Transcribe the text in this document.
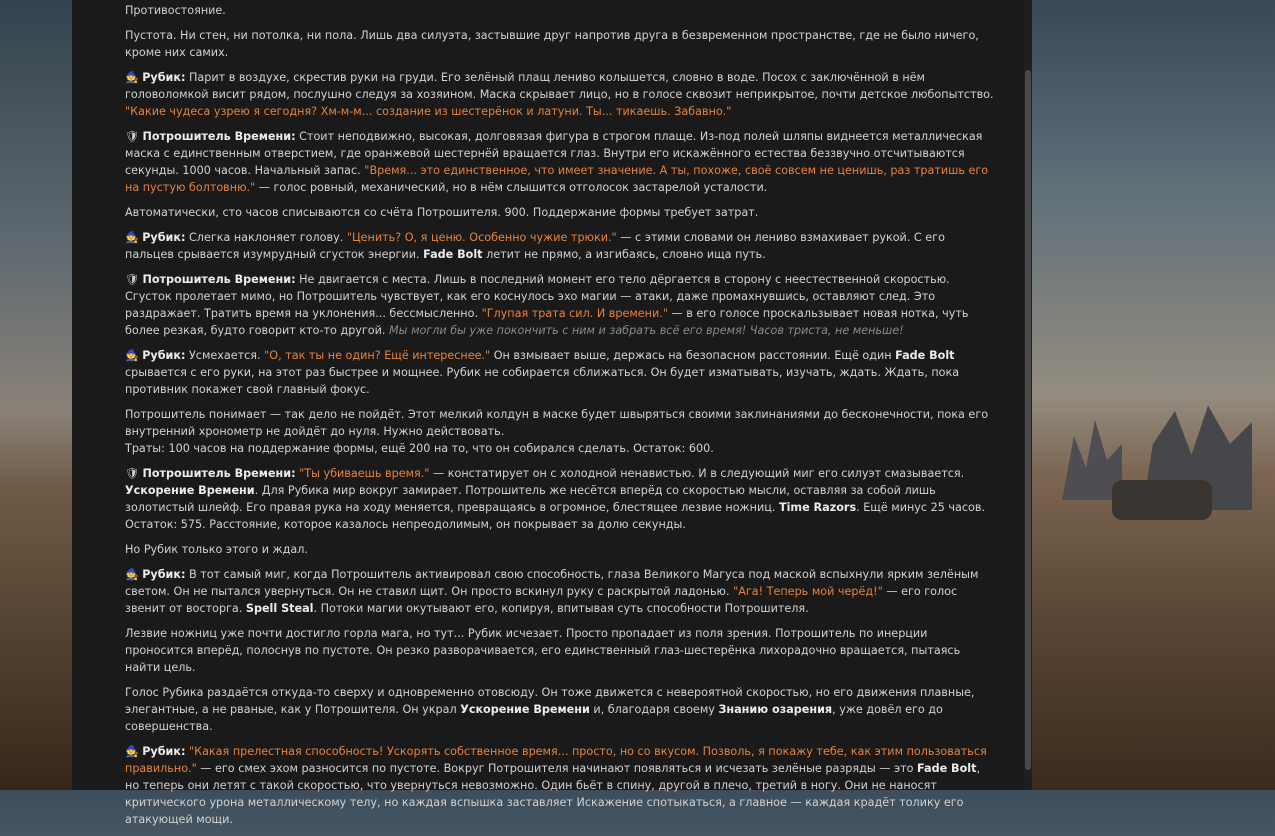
Противостояние.

Пустота. Ни стен, ни потолка, ни пола. Лишь два силуэта, застывшие друг напротив друга в безвременном пространстве, где не было ничего, кроме них самих.

🧙 Рубик: Парит в воздухе, скрестив руки на груди. Его зелёный плащ лениво колышется, словно в воде. Посох с заключённой в нём головоломкой висит рядом, послушно следуя за хозяином. Маска скрывает лицо, но в голосе сквозит неприкрытое, почти детское любопытство. "Какие чудеса узрею я сегодня? Хм-м-м... создание из шестерёнок и латуни. Ты... тикаешь. Забавно."

🛡 Потрошитель Времени: Стоит неподвижно, высокая, долговязая фигура в строгом плаще. Из-под полей шляпы виднеется металлическая маска с единственным отверстием, где оранжевой шестернёй вращается глаз. Внутри его искажённого естества беззвучно отсчитываются секунды. 1000 часов. Начальный запас. "Время... это единственное, что имеет значение. А ты, похоже, своё совсем не ценишь, раз тратишь его на пустую болтовню." — голос ровный, механический, но в нём слышится отголосок застарелой усталости.

Автоматически, сто часов списываются со счёта Потрошителя. 900. Поддержание формы требует затрат.

🧙 Рубик: Слегка наклоняет голову. "Ценить? О, я ценю. Особенно чужие трюки." — с этими словами он лениво взмахивает рукой. С его пальцев срывается изумрудный сгусток энергии. Fade Bolt летит не прямо, а изгибаясь, словно ища путь.

🛡 Потрошитель Времени: Не двигается с места. Лишь в последний момент его тело дёргается в сторону с неестественной скоростью. Сгусток пролетает мимо, но Потрошитель чувствует, как его коснулось эхо магии — атаки, даже промахнувшись, оставляют след. Это раздражает. Тратить время на уклонения... бессмысленно. "Глупая трата сил. И времени." — в его голосе проскальзывает новая нотка, чуть более резкая, будто говорит кто-то другой. Мы могли бы уже покончить с ним и забрать всё его время! Часов триста, не меньше!

🧙 Рубик: Усмехается. "О, так ты не один? Ещё интереснее." Он взмывает выше, держась на безопасном расстоянии. Ещё один Fade Bolt срывается с его руки, на этот раз быстрее и мощнее. Рубик не собирается сближаться. Он будет изматывать, изучать, ждать. Ждать, пока противник покажет свой главный фокус.

Потрошитель понимает — так дело не пойдёт. Этот мелкий колдун в маске будет швыряться своими заклинаниями до бесконечности, пока его внутренний хронометр не дойдёт до нуля. Нужно действовать.
Траты: 100 часов на поддержание формы, ещё 200 на то, что он собирался сделать. Остаток: 600.

🛡 Потрошитель Времени: "Ты убиваешь время." — констатирует он с холодной ненавистью. И в следующий миг его силуэт смазывается. Ускорение Времени. Для Рубика мир вокруг замирает. Потрошитель же несётся вперёд со скоростью мысли, оставляя за собой лишь золотистый шлейф. Его правая рука на ходу меняется, превращаясь в огромное, блестящее лезвие ножниц. Time Razors. Ещё минус 25 часов. Остаток: 575. Расстояние, которое казалось непреодолимым, он покрывает за долю секунды.

Но Рубик только этого и ждал.

🧙 Рубик: В тот самый миг, когда Потрошитель активировал свою способность, глаза Великого Магуса под маской вспыхнули ярким зелёным светом. Он не пытался увернуться. Он не ставил щит. Он просто вскинул руку с раскрытой ладонью. "Ага! Теперь мой черёд!" — его голос звенит от восторга. Spell Steal. Потоки магии окутывают его, копируя, впитывая суть способности Потрошителя.

Лезвие ножниц уже почти достигло горла мага, но тут... Рубик исчезает. Просто пропадает из поля зрения. Потрошитель по инерции проносится вперёд, полоснув по пустоте. Он резко разворачивается, его единственный глаз-шестерёнка лихорадочно вращается, пытаясь найти цель.

Голос Рубика раздаётся откуда-то сверху и одновременно отовсюду. Он тоже движется с невероятной скоростью, но его движения плавные, элегантные, а не рваные, как у Потрошителя. Он украл Ускорение Времени и, благодаря своему Знанию озарения, уже довёл его до совершенства.

🧙 Рубик: "Какая прелестная способность! Ускорять собственное время... просто, но со вкусом. Позволь, я покажу тебе, как этим пользоваться правильно." — его смех эхом разносится по пустоте. Вокруг Потрошителя начинают появляться и исчезать зелёные разряды — это Fade Bolt, но теперь они летят с такой скоростью, что увернуться невозможно. Один бьёт в спину, другой в плечо, третий в ногу. Они не наносят критического урона металлическому телу, но каждая вспышка заставляет Искажение спотыкаться, а главное — каждая крадёт толику его атакующей мощи.
